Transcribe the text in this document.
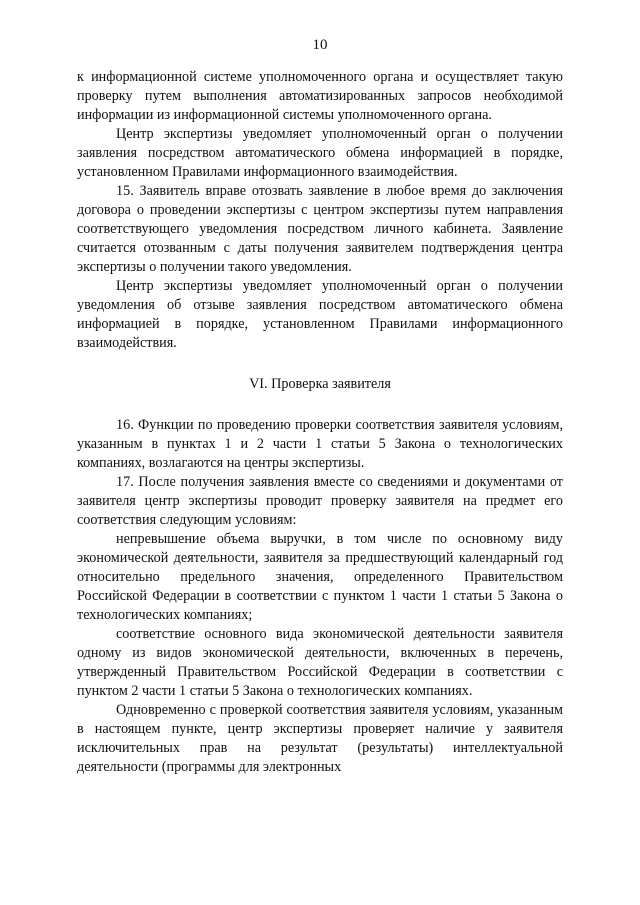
10

к информационной системе уполномоченного органа и осуществляет такую проверку путем выполнения автоматизированных запросов необходимой информации из информационной системы уполномоченного органа.

Центр экспертизы уведомляет уполномоченный орган о получении заявления посредством автоматического обмена информацией в порядке, установленном Правилами информационного взаимодействия.

15. Заявитель вправе отозвать заявление в любое время до заключения договора о проведении экспертизы с центром экспертизы путем направления соответствующего уведомления посредством личного кабинета. Заявление считается отозванным с даты получения заявителем подтверждения центра экспертизы о получении такого уведомления.

Центр экспертизы уведомляет уполномоченный орган о получении уведомления об отзыве заявления посредством автоматического обмена информацией в порядке, установленном Правилами информационного взаимодействия.

VI. Проверка заявителя

16. Функции по проведению проверки соответствия заявителя условиям, указанным в пунктах 1 и 2 части 1 статьи 5 Закона о технологических компаниях, возлагаются на центры экспертизы.

17. После получения заявления вместе со сведениями и документами от заявителя центр экспертизы проводит проверку заявителя на предмет его соответствия следующим условиям:

непревышение объема выручки, в том числе по основному виду экономической деятельности, заявителя за предшествующий календарный год относительно предельного значения, определенного Правительством Российской Федерации в соответствии с пунктом 1 части 1 статьи 5 Закона о технологических компаниях;

соответствие основного вида экономической деятельности заявителя одному из видов экономической деятельности, включенных в перечень, утвержденный Правительством Российской Федерации в соответствии с пунктом 2 части 1 статьи 5 Закона о технологических компаниях.

Одновременно с проверкой соответствия заявителя условиям, указанным в настоящем пункте, центр экспертизы проверяет наличие у заявителя исключительных прав на результат (результаты) интеллектуальной деятельности (программы для электронных
